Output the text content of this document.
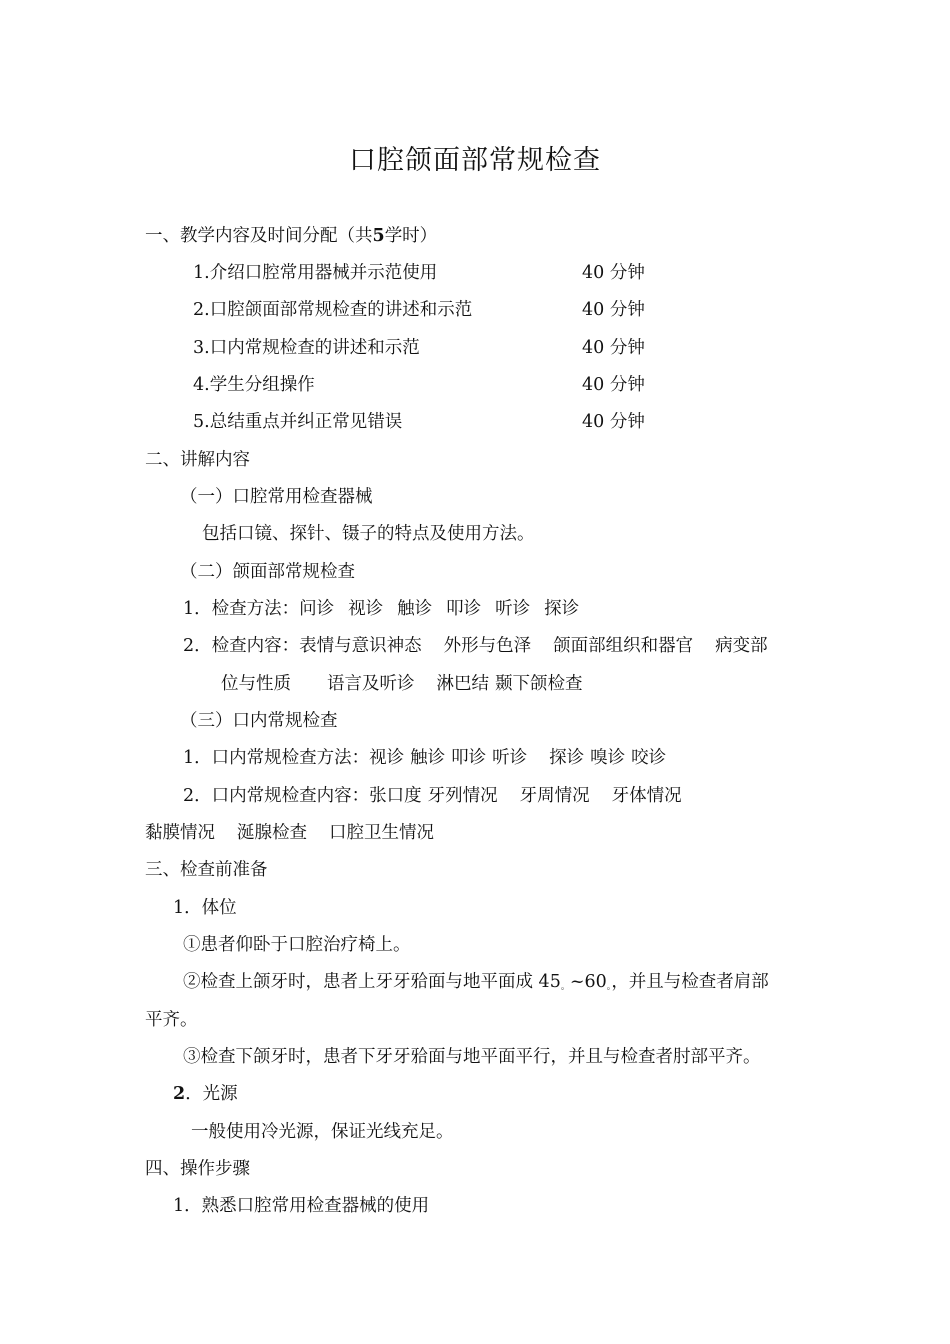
口腔颌面部常规检查
一、教学内容及时间分配（共5学时）
1.介绍口腔常用器械并示范使用	40 分钟
2.口腔颌面部常规检查的讲述和示范	40 分钟
3.口内常规检查的讲述和示范	40 分钟
4.学生分组操作	40 分钟
5.总结重点并纠正常见错误	40 分钟
二、讲解内容
（一）口腔常用检查器械
包括口镜、探针、镊子的特点及使用方法。
（二）颌面部常规检查
1．检查方法：问诊 视诊 触诊 叩诊 听诊 探诊
2．检查内容：表情与意识神态 外形与色泽 颌面部组织和器官 病变部
位与性质 语言及听诊 淋巴结 颞下颌检查
（三）口内常规检查
1．口内常规检查方法：视诊 触诊 叩诊 听诊 探诊 嗅诊 咬诊
2．口内常规检查内容：张口度 牙列情况 牙周情况 牙体情况
黏膜情况 涎腺检查 口腔卫生情况
三、检查前准备
1．体位
①患者仰卧于口腔治疗椅上。
②检查上颌牙时，患者上牙牙𬌗面与地平面成 45。~60。，并且与检查者肩部
平齐。
③检查下颌牙时，患者下牙牙𬌗面与地平面平行，并且与检查者肘部平齐。
2．光源
一般使用冷光源，保证光线充足。
四、操作步骤
1．熟悉口腔常用检查器械的使用
